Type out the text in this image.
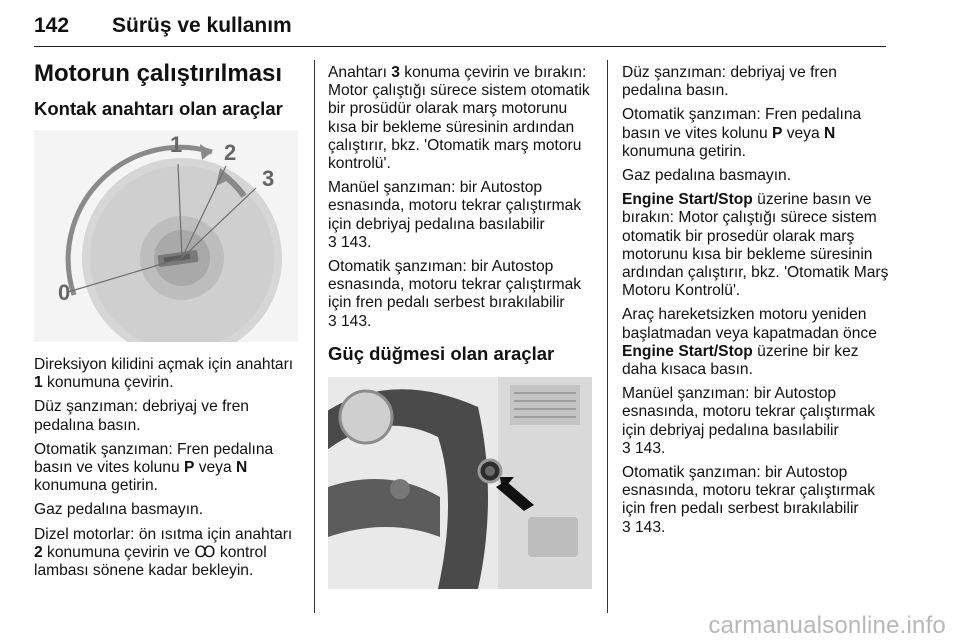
142 Sürüş ve kullanım
Motorun çalıştırılması
Kontak anahtarı olan araçlar
0
1 2
3

Direksiyon kilidini açmak için anahtarı 1 konumuna çevirin.

Düz şanzıman: debriyaj ve fren pedalına basın.

Otomatik şanzıman: Fren pedalına basın ve vites kolunu P veya N konumuna getirin.

Gaz pedalına basmayın.

Dizel motorlar: ön ısıtma için anahtarı 2 konumuna çevirin ve Ꝏ kontrol lambası sönene kadar bekleyin.

Anahtarı 3 konuma çevirin ve bırakın: Motor çalıştığı sürece sistem otomatik bir prosüdür olarak marş motorunu kısa bir bekleme süresinin ardından çalıştırır, bkz. 'Otomatik marş motoru kontrolü'.

Manüel şanzıman: bir Autostop esnasında, motoru tekrar çalıştırmak için debriyaj pedalına basılabilir
3 143.

Otomatik şanzıman: bir Autostop esnasında, motoru tekrar çalıştırmak için fren pedalı serbest bırakılabilir
3 143.

Güç düğmesi olan araçlar

Düz şanzıman: debriyaj ve fren pedalına basın.

Otomatik şanzıman: Fren pedalına basın ve vites kolunu P veya N konumuna getirin.

Gaz pedalına basmayın.

Engine Start/Stop üzerine basın ve bırakın: Motor çalıştığı sürece sistem otomatik bir prosedür olarak marş motorunu kısa bir bekleme süresinin ardından çalıştırır, bkz. 'Otomatik Marş Motoru Kontrolü'.

Araç hareketsizken motoru yeniden başlatmadan veya kapatmadan önce Engine Start/Stop üzerine bir kez daha kısaca basın.

Manüel şanzıman: bir Autostop esnasında, motoru tekrar çalıştırmak için debriyaj pedalına basılabilir
3 143.

Otomatik şanzıman: bir Autostop esnasında, motoru tekrar çalıştırmak için fren pedalı serbest bırakılabilir
3 143.

carmanualsonline.info
